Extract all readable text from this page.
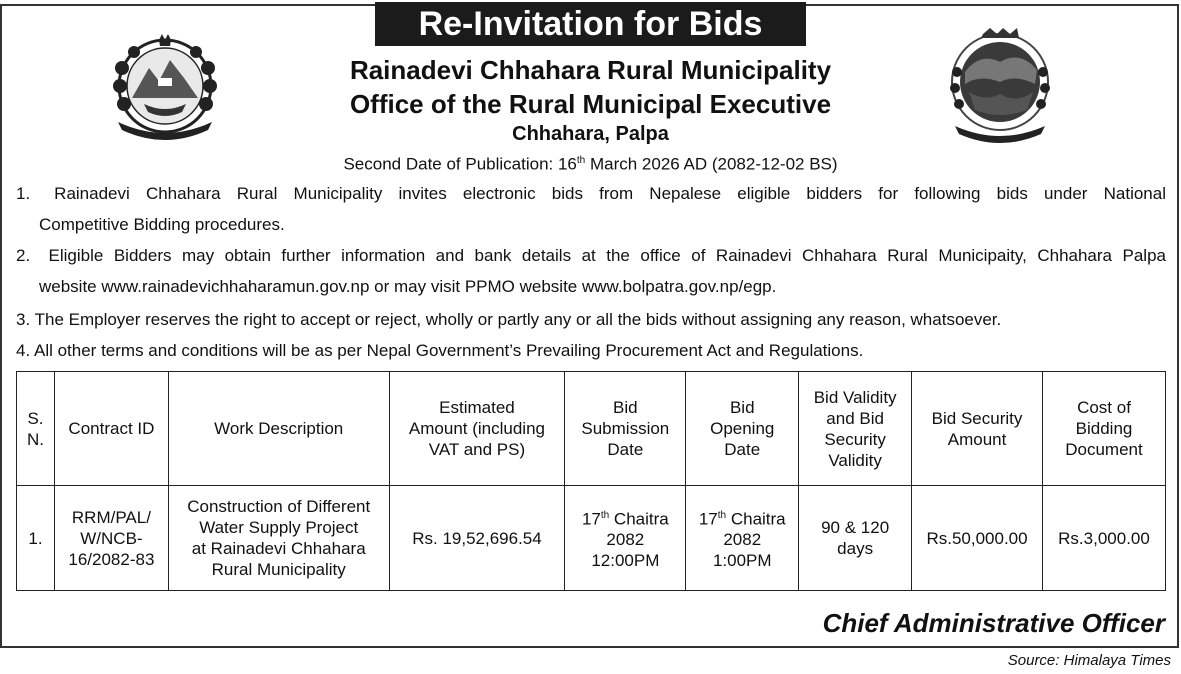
Re-Invitation for Bids
Rainadevi Chhahara Rural Municipality
Office of the Rural Municipal Executive
Chhahara, Palpa
Second Date of Publication: 16th March 2026 AD (2082-12-02 BS)
1. Rainadevi Chhahara Rural Municipality invites electronic bids from Nepalese eligible bidders for following bids under National
Competitive Bidding procedures.
2. Eligible Bidders may obtain further information and bank details at the office of Rainadevi Chhahara Rural Municipaity, Chhahara Palpa
website www.rainadevichhaharamun.gov.np or may visit PPMO website www.bolpatra.gov.np/egp.
3. The Employer reserves the right to accept or reject, wholly or partly any or all the bids without assigning any reason, whatsoever.
4. All other terms and conditions will be as per Nepal Government’s Prevailing Procurement Act and Regulations.
S.
N.	Contract ID	Work Description	Estimated
Amount (including
VAT and PS)	Bid
Submission
Date	Bid
Opening
Date	Bid Validity
and Bid
Security
Validity	Bid Security
Amount	Cost of
Bidding
Document
1.	RRM/PAL/
W/NCB-
16/2082-83	Construction of Different
Water Supply Project
at Rainadevi Chhahara
Rural Municipality	Rs. 19,52,696.54	17th Chaitra
2082
12:00PM	17th Chaitra
2082
1:00PM	90 & 120
days	Rs.50,000.00	Rs.3,000.00
Chief Administrative Officer
Source: Himalaya Times
